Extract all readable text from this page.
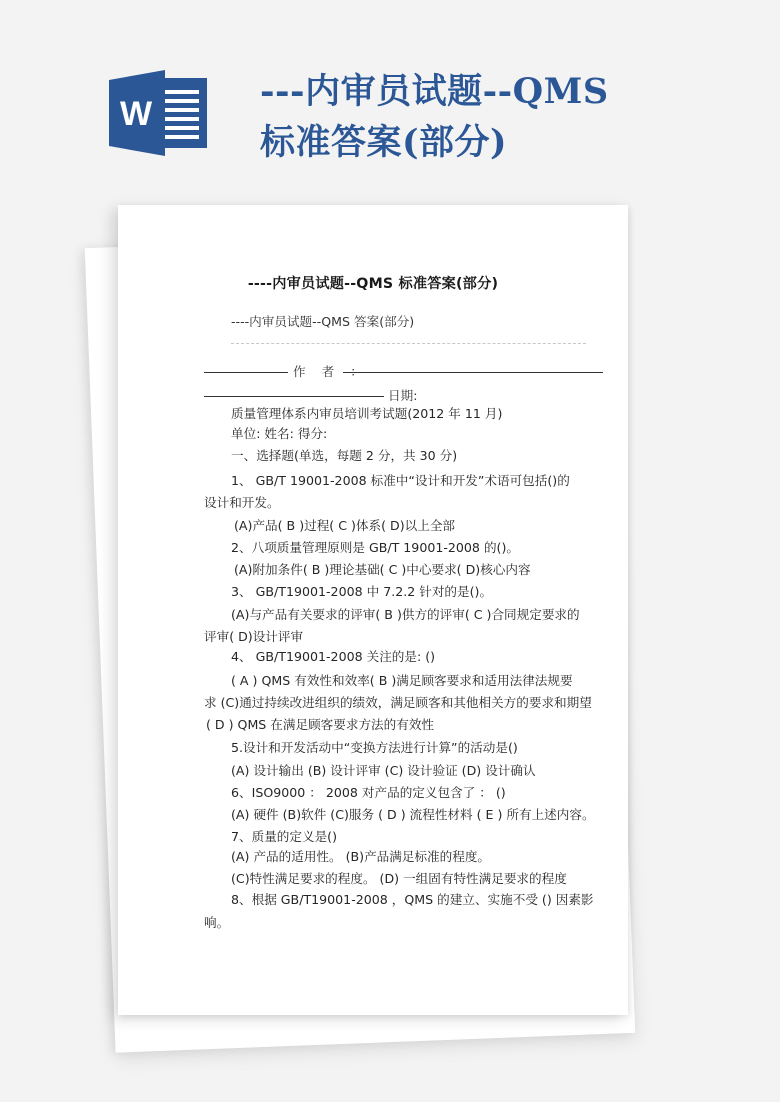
W
---内审员试题--QMS
标准答案(部分)
----内审员试题--QMS 标准答案(部分)
----内审员试题--QMS 答案(部分)
作 者 ：
日期:
质量管理体系内审员培训考试题(2012 年 11 月)
单位: 姓名: 得分:
一、选择题(单选，每题 2 分，共 30 分)
1、 GB/T 19001-2008 标准中“设计和开发”术语可包括()的
设计和开发。
(A)产品( B )过程( C )体系( D)以上全部
2、八项质量管理原则是 GB/T 19001-2008 的()。
(A)附加条件( B )理论基础( C )中心要求( D)核心内容
3、 GB/T19001-2008 中 7.2.2 针对的是()。
(A)与产品有关要求的评审( B )供方的评审( C )合同规定要求的
评审( D)设计评审
4、 GB/T19001-2008 关注的是: ()
( A ) QMS 有效性和效率( B )满足顾客要求和适用法律法规要
求 (C)通过持续改进组织的绩效，满足顾客和其他相关方的要求和期望
( D ) QMS 在满足顾客要求方法的有效性
5.设计和开发活动中“变换方法进行计算”的活动是()
(A) 设计输出 (B) 设计评审 (C) 设计验证 (D) 设计确认
6、ISO9000 ： 2008 对产品的定义包含了 ： ()
(A) 硬件 (B)软件 (C)服务 ( D ) 流程性材料 ( E ) 所有上述内容。
7、质量的定义是()
(A) 产品的适用性。 (B)产品满足标准的程度。
(C)特性满足要求的程度。 (D) 一组固有特性满足要求的程度
8、根据 GB/T19001-2008 ，QMS 的建立、实施不受 () 因素影
响。
